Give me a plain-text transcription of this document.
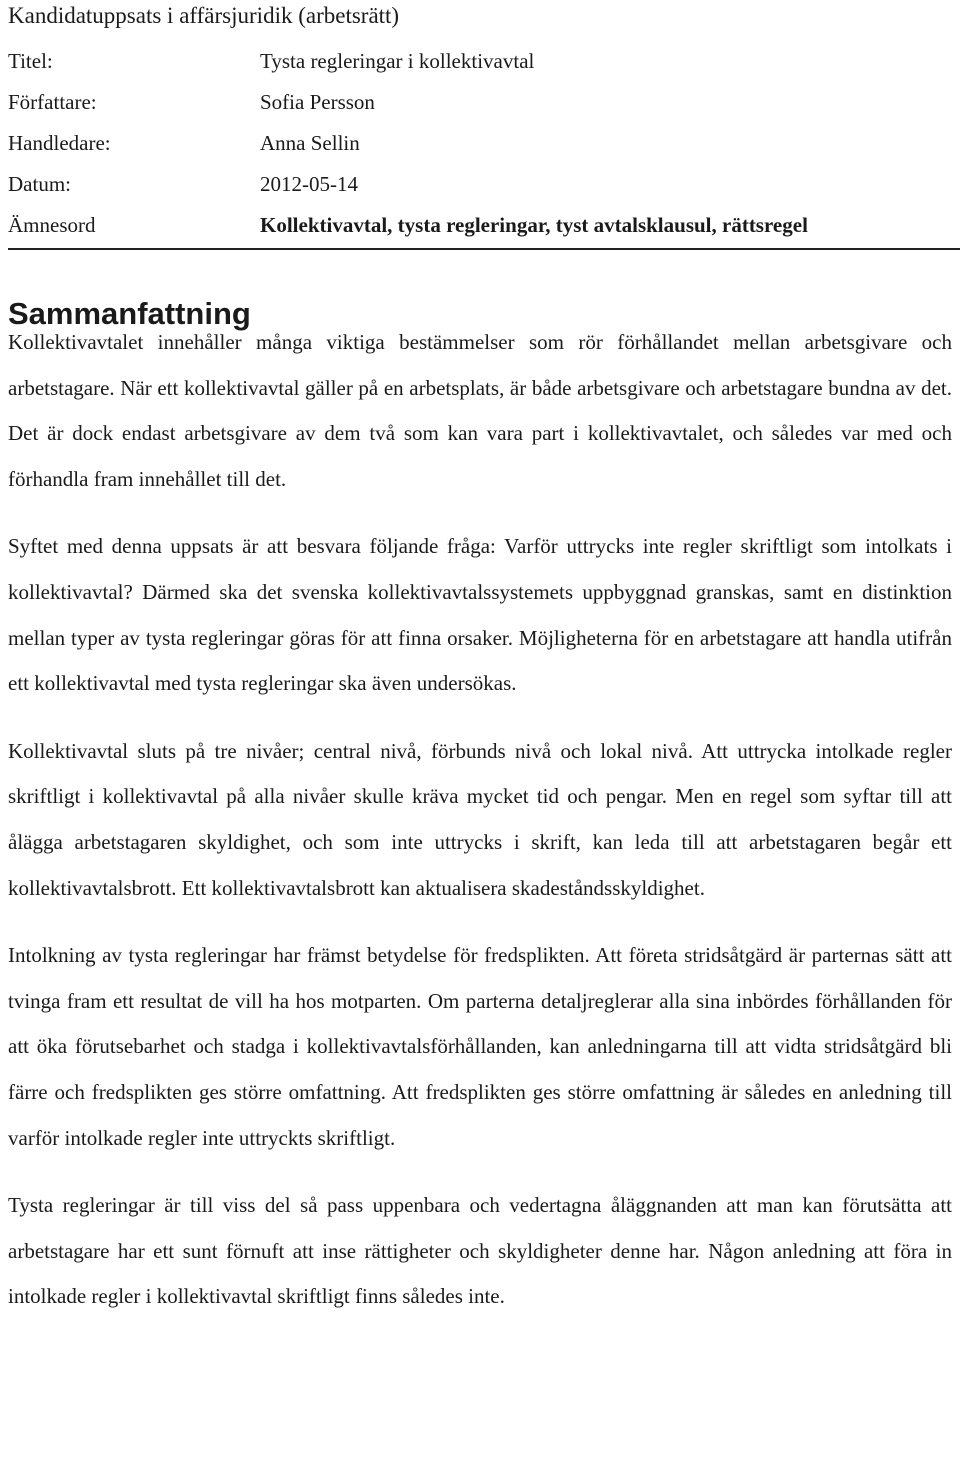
Kandidatuppsats i affärsjuridik (arbetsrätt)
Titel:	Tysta regleringar i kollektivavtal
Författare:	Sofia Persson
Handledare:	Anna Sellin
Datum:	2012-05-14
Ämnesord	Kollektivavtal, tysta regleringar, tyst avtalsklausul, rättsregel
Sammanfattning

Kollektivavtalet innehåller många viktiga bestämmelser som rör förhållandet mellan arbetsgivare och arbetstagare. När ett kollektivavtal gäller på en arbetsplats, är både arbetsgivare och arbetstagare bundna av det. Det är dock endast arbetsgivare av dem två som kan vara part i kollektivavtalet, och således var med och förhandla fram innehållet till det.

Syftet med denna uppsats är att besvara följande fråga: Varför uttrycks inte regler skriftligt som intolkats i kollektivavtal? Därmed ska det svenska kollektivavtalssystemets uppbyggnad granskas, samt en distinktion mellan typer av tysta regleringar göras för att finna orsaker. Möjligheterna för en arbetstagare att handla utifrån ett kollektivavtal med tysta regleringar ska även undersökas.

Kollektivavtal sluts på tre nivåer; central nivå, förbunds nivå och lokal nivå. Att uttrycka intolkade regler skriftligt i kollektivavtal på alla nivåer skulle kräva mycket tid och pengar. Men en regel som syftar till att ålägga arbetstagaren skyldighet, och som inte uttrycks i skrift, kan leda till att arbetstagaren begår ett kollektivavtalsbrott. Ett kollektivavtalsbrott kan aktualisera skadeståndsskyldighet.

Intolkning av tysta regleringar har främst betydelse för fredsplikten. Att företa stridsåtgärd är parternas sätt att tvinga fram ett resultat de vill ha hos motparten. Om parterna detaljreglerar alla sina inbördes förhållanden för att öka förutsebarhet och stadga i kollektivavtalsförhållanden, kan anledningarna till att vidta stridsåtgärd bli färre och fredsplikten ges större omfattning. Att fredsplikten ges större omfattning är således en anledning till varför intolkade regler inte uttryckts skriftligt.

Tysta regleringar är till viss del så pass uppenbara och vedertagna åläggnanden att man kan förutsätta att arbetstagare har ett sunt förnuft att inse rättigheter och skyldigheter denne har. Någon anledning att föra in intolkade regler i kollektivavtal skriftligt finns således inte.
